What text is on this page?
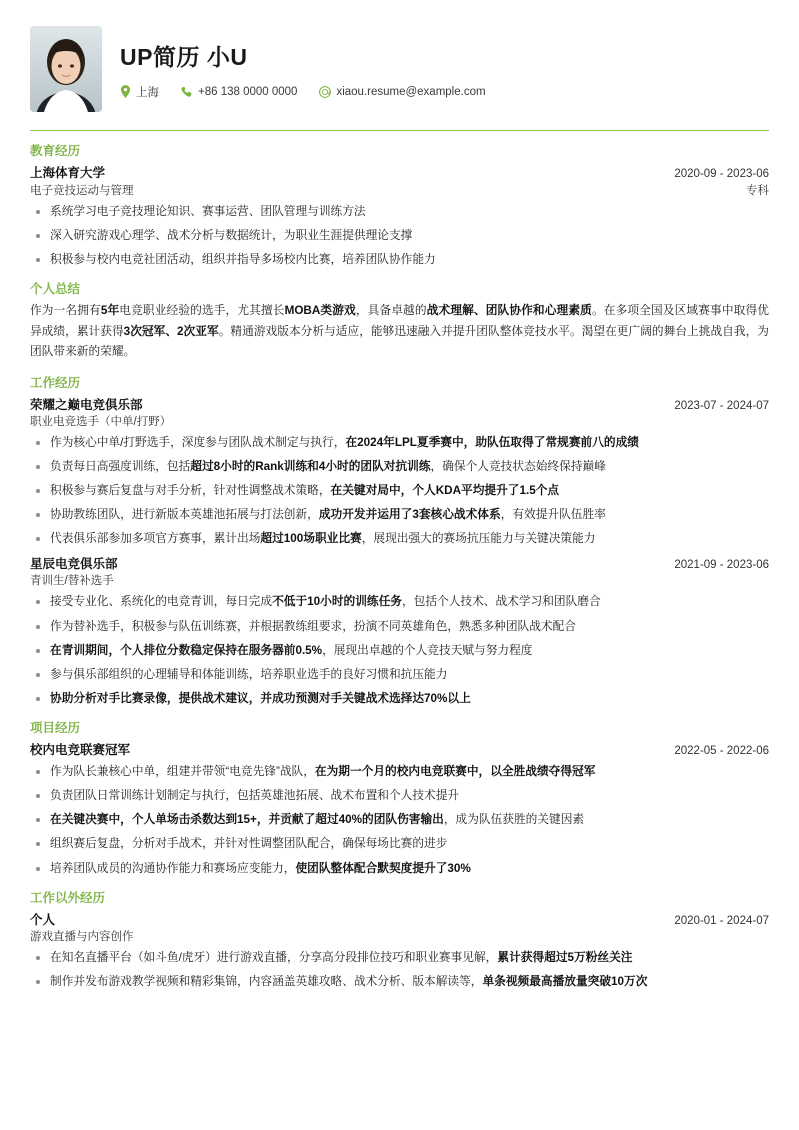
UP简历 小U
上海	+86 138 0000 0000	xiaou.resume@example.com
教育经历
上海体育大学	2020-09 - 2023-06
电子竞技运动与管理	专科
系统学习电子竞技理论知识、赛事运营、团队管理与训练方法
深入研究游戏心理学、战术分析与数据统计，为职业生涯提供理论支撑
积极参与校内电竞社团活动，组织并指导多场校内比赛，培养团队协作能力
个人总结
作为一名拥有5年电竞职业经验的选手，尤其擅长MOBA类游戏，具备卓越的战术理解、团队协作和心理素质。在多项全国及区域赛事中取得优异成绩，累计获得3次冠军、2次亚军。精通游戏版本分析与适应，能够迅速融入并提升团队整体竞技水平。渴望在更广阔的舞台上挑战自我，为团队带来新的荣耀。
工作经历
荣耀之巅电竞俱乐部	2023-07 - 2024-07
职业电竞选手（中单/打野）
作为核心中单/打野选手，深度参与团队战术制定与执行，在2024年LPL夏季赛中，助队伍取得了常规赛前八的成绩
负责每日高强度训练，包括超过8小时的Rank训练和4小时的团队对抗训练，确保个人竞技状态始终保持巅峰
积极参与赛后复盘与对手分析，针对性调整战术策略，在关键对局中，个人KDA平均提升了1.5个点
协助教练团队，进行新版本英雄池拓展与打法创新，成功开发并运用了3套核心战术体系，有效提升队伍胜率
代表俱乐部参加多项官方赛事，累计出场超过100场职业比赛，展现出强大的赛场抗压能力与关键决策能力
星辰电竞俱乐部	2021-09 - 2023-06
青训生/替补选手
接受专业化、系统化的电竞青训，每日完成不低于10小时的训练任务，包括个人技术、战术学习和团队磨合
作为替补选手，积极参与队伍训练赛，并根据教练组要求，扮演不同英雄角色，熟悉多种团队战术配合
在青训期间，个人排位分数稳定保持在服务器前0.5%，展现出卓越的个人竞技天赋与努力程度
参与俱乐部组织的心理辅导和体能训练，培养职业选手的良好习惯和抗压能力
协助分析对手比赛录像，提供战术建议，并成功预测对手关键战术选择达70%以上
项目经历
校内电竞联赛冠军	2022-05 - 2022-06
作为队长兼核心中单，组建并带领“电竞先锋”战队，在为期一个月的校内电竞联赛中，以全胜战绩夺得冠军
负责团队日常训练计划制定与执行，包括英雄池拓展、战术布置和个人技术提升
在关键决赛中，个人单场击杀数达到15+，并贡献了超过40%的团队伤害输出，成为队伍获胜的关键因素
组织赛后复盘，分析对手战术，并针对性调整团队配合，确保每场比赛的进步
培养团队成员的沟通协作能力和赛场应变能力，使团队整体配合默契度提升了30%
工作以外经历
个人	2020-01 - 2024-07
游戏直播与内容创作
在知名直播平台（如斗鱼/虎牙）进行游戏直播，分享高分段排位技巧和职业赛事见解，累计获得超过5万粉丝关注
制作并发布游戏教学视频和精彩集锦，内容涵盖英雄攻略、战术分析、版本解读等，单条视频最高播放量突破10万次
